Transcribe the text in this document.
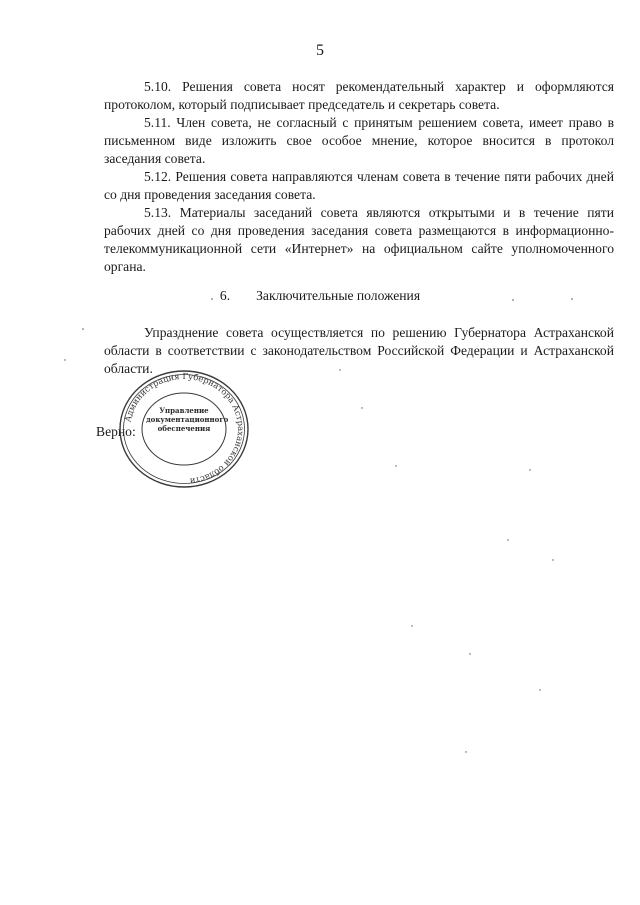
5

5.10. Решения совета носят рекомендательный характер и оформляются протоколом, который подписывает председатель и секретарь совета.

5.11. Член совета, не согласный с принятым решением совета, имеет право в письменном виде изложить свое особое мнение, которое вносится в протокол заседания совета.

5.12. Решения совета направляются членам совета в течение пяти рабочих дней со дня проведения заседания совета.

5.13. Материалы заседаний совета являются открытыми и в течение пяти рабочих дней со дня проведения заседания совета размещаются в информационно-телекоммуникационной сети «Интернет» на официальном сайте уполномоченного органа.

6. Заключительные положения

Упразднение совета осуществляется по решению Губернатора Астраханской области в соответствии с законодательством Российской Федерации и Астраханской области.

Верно:
Администрация Губернатора Астраханской области
Управление
документационного
обеспечения
